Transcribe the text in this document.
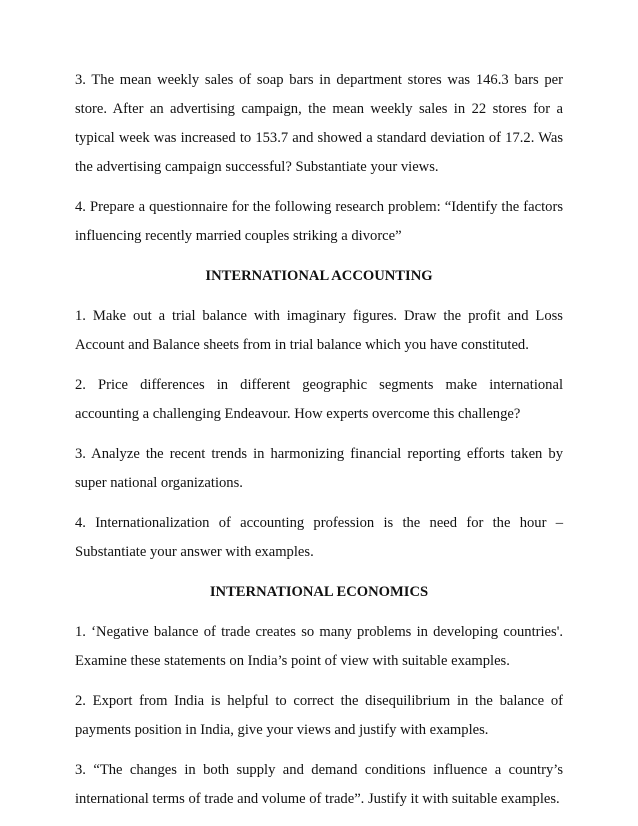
3. The mean weekly sales of soap bars in department stores was 146.3 bars per store. After an advertising campaign, the mean weekly sales in 22 stores for a typical week was increased to 153.7 and showed a standard deviation of 17.2. Was the advertising campaign successful? Substantiate your views.

4. Prepare a questionnaire for the following research problem: “Identify the factors influencing recently married couples striking a divorce”

INTERNATIONAL ACCOUNTING

1. Make out a trial balance with imaginary figures. Draw the profit and Loss Account and Balance sheets from in trial balance which you have constituted.

2. Price differences in different geographic segments make international accounting a challenging Endeavour. How experts overcome this challenge?

3. Analyze the recent trends in harmonizing financial reporting efforts taken by super national organizations.

4. Internationalization of accounting profession is the need for the hour – Substantiate your answer with examples.

INTERNATIONAL ECONOMICS

1. ‘Negative balance of trade creates so many problems in developing countries'. Examine these statements on India’s point of view with suitable examples.

2. Export from India is helpful to correct the disequilibrium in the balance of payments position in India, give your views and justify with examples.

3. “The changes in both supply and demand conditions influence a country’s international terms of trade and volume of trade”. Justify it with suitable examples.
